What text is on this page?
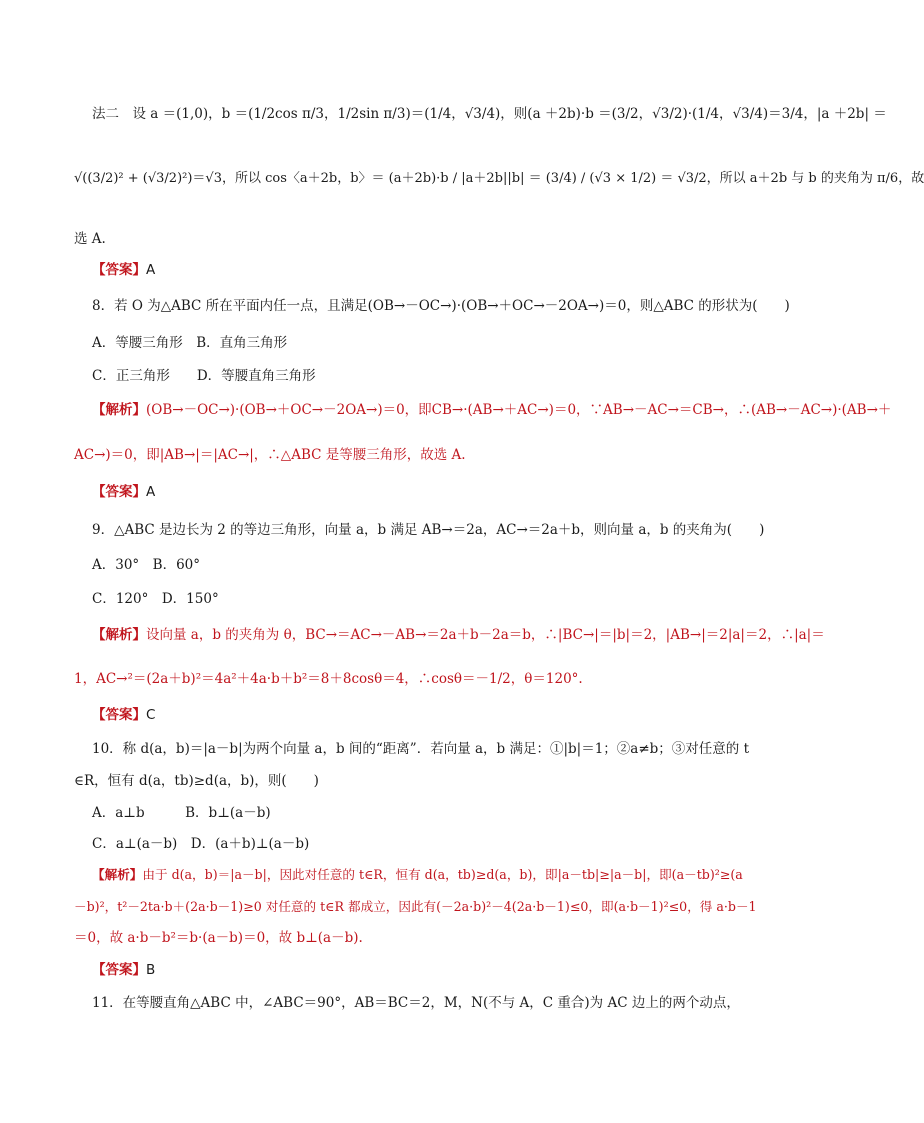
法二　设 a ＝(1,0)，b ＝(1/2cos π/3，1/2sin π/3)＝(1/4，√3/4)，则(a ＋2b)·b ＝(3/2，√3/2)·(1/4，√3/4)＝3/4，|a ＋2b| ＝
√((3/2)² + (√3/2)²)＝√3，所以 cos〈a＋2b，b〉＝ (a＋2b)·b / |a＋2b||b| ＝ (3/4) / (√3 × 1/2) ＝ √3/2，所以 a＋2b 与 b 的夹角为 π/6，故
选 A.
【答案】A
8．若 O 为△ABC 所在平面内任一点，且满足(OB→－OC→)·(OB→＋OC→－2OA→)＝0，则△ABC 的形状为(　　)
A．等腰三角形　B．直角三角形
C．正三角形　　D．等腰直角三角形
【解析】(OB→－OC→)·(OB→＋OC→－2OA→)＝0，即CB→·(AB→＋AC→)＝0，∵AB→－AC→＝CB→，∴(AB→－AC→)·(AB→＋
AC→)＝0，即|AB→|＝|AC→|，∴△ABC 是等腰三角形，故选 A.
【答案】A
9．△ABC 是边长为 2 的等边三角形，向量 a，b 满足 AB→＝2a，AC→＝2a＋b，则向量 a，b 的夹角为(　　)
A．30°　B．60°
C．120°　D．150°
【解析】设向量 a，b 的夹角为 θ，BC→＝AC→－AB→＝2a＋b－2a＝b，∴|BC→|＝|b|＝2，|AB→|＝2|a|＝2，∴|a|＝
1，AC→²＝(2a＋b)²＝4a²＋4a·b＋b²＝8＋8cosθ＝4，∴cosθ＝－1/2，θ＝120°.
【答案】C
10．称 d(a，b)＝|a－b|为两个向量 a，b 间的“距离”．若向量 a，b 满足：①|b|＝1；②a≠b；③对任意的 t
∈R，恒有 d(a，tb)≥d(a，b)，则(　　)
A．a⊥b　　　B．b⊥(a－b)
C．a⊥(a－b)　D．(a＋b)⊥(a－b)
【解析】由于 d(a，b)＝|a－b|，因此对任意的 t∈R，恒有 d(a，tb)≥d(a，b)，即|a－tb|≥|a－b|，即(a－tb)²≥(a
－b)²，t²－2ta·b＋(2a·b－1)≥0 对任意的 t∈R 都成立，因此有(－2a·b)²－4(2a·b－1)≤0，即(a·b－1)²≤0，得 a·b－1
＝0，故 a·b－b²＝b·(a－b)＝0，故 b⊥(a－b).
【答案】B
11．在等腰直角△ABC 中，∠ABC＝90°，AB＝BC＝2，M，N(不与 A，C 重合)为 AC 边上的两个动点，
